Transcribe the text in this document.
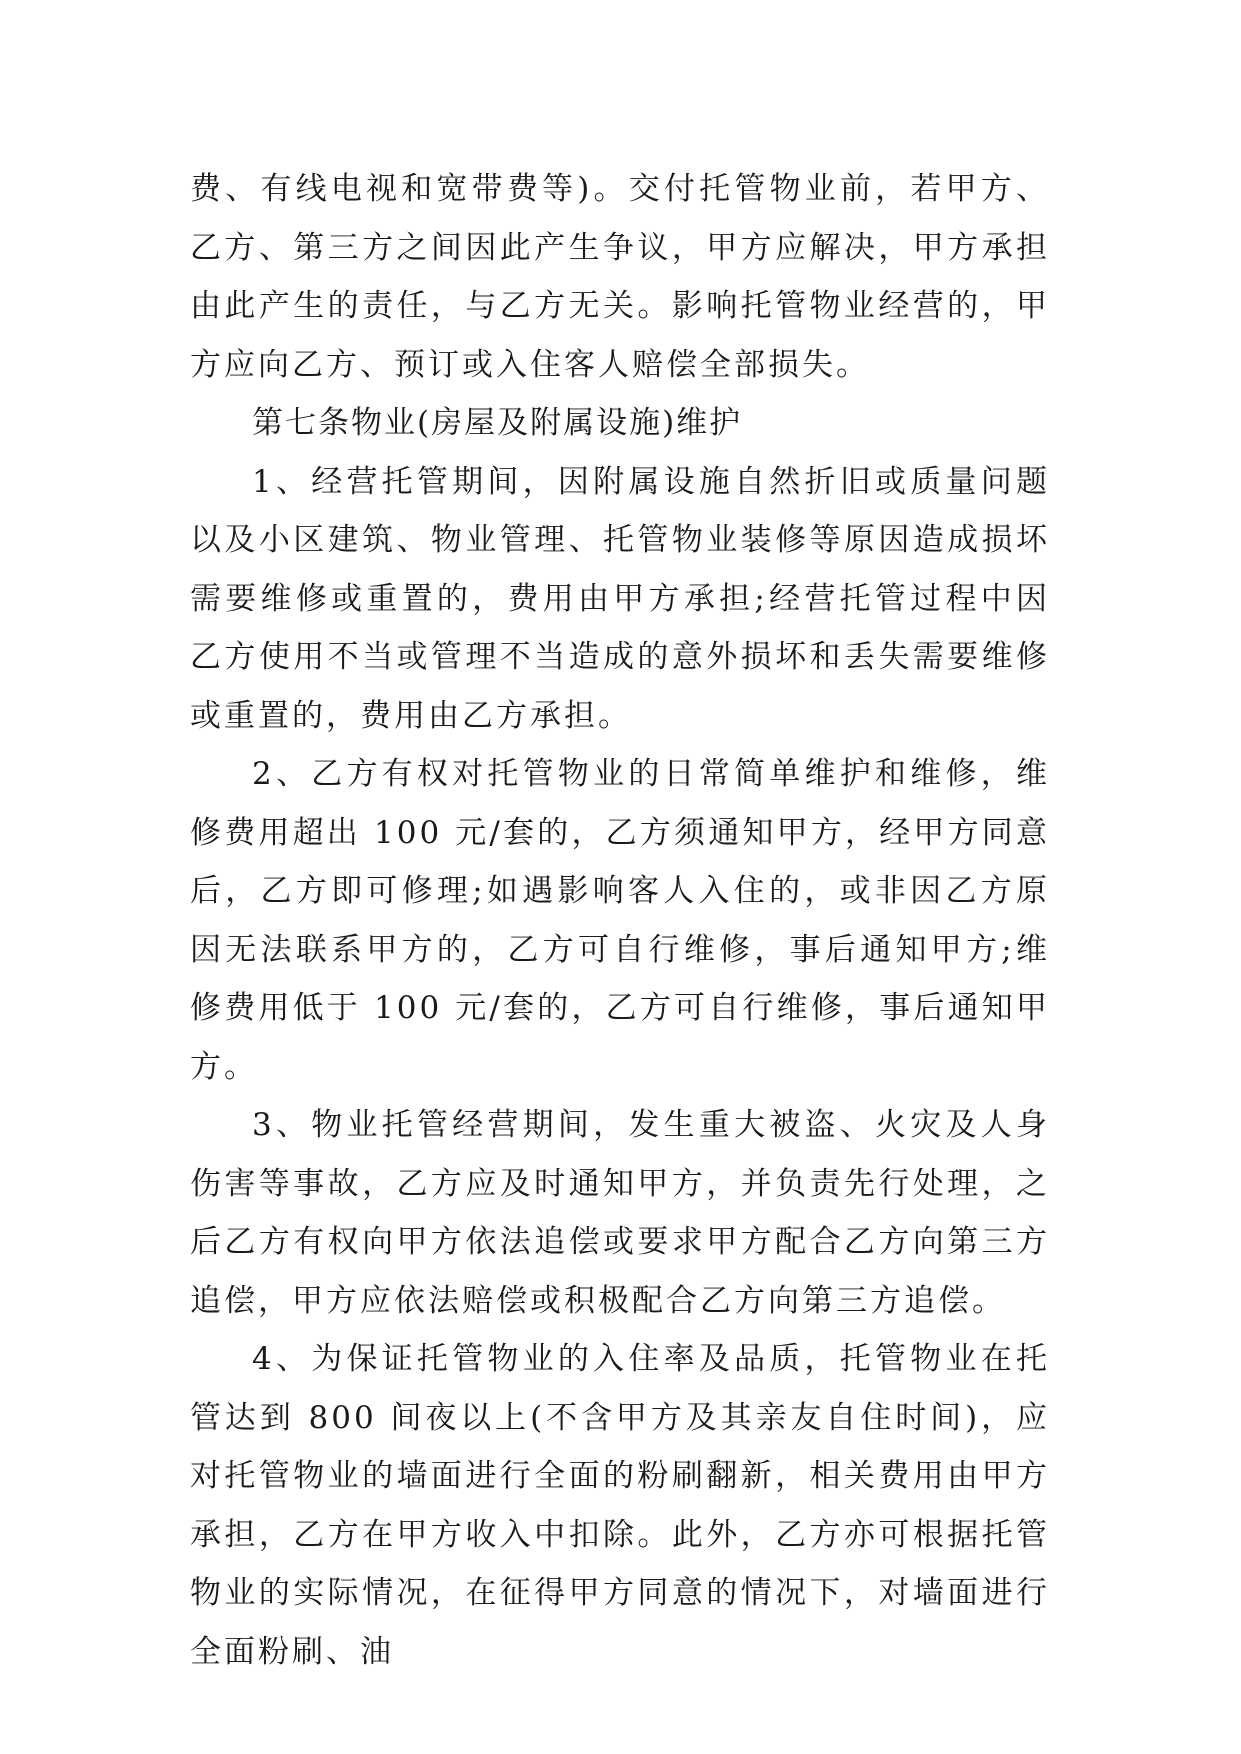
费、有线电视和宽带费等)。交付托管物业前，若甲方、乙方、第三方之间因此产生争议，甲方应解决，甲方承担由此产生的责任，与乙方无关。影响托管物业经营的，甲方应向乙方、预订或入住客人赔偿全部损失。

第七条物业(房屋及附属设施)维护

1、经营托管期间，因附属设施自然折旧或质量问题以及小区建筑、物业管理、托管物业装修等原因造成损坏需要维修或重置的，费用由甲方承担;经营托管过程中因乙方使用不当或管理不当造成的意外损坏和丢失需要维修或重置的，费用由乙方承担。

2、乙方有权对托管物业的日常简单维护和维修，维修费用超出 100 元/套的，乙方须通知甲方，经甲方同意后，乙方即可修理;如遇影响客人入住的，或非因乙方原因无法联系甲方的，乙方可自行维修，事后通知甲方;维修费用低于 100 元/套的，乙方可自行维修，事后通知甲方。

3、物业托管经营期间，发生重大被盗、火灾及人身伤害等事故，乙方应及时通知甲方，并负责先行处理，之后乙方有权向甲方依法追偿或要求甲方配合乙方向第三方追偿，甲方应依法赔偿或积极配合乙方向第三方追偿。

4、为保证托管物业的入住率及品质，托管物业在托管达到 800 间夜以上(不含甲方及其亲友自住时间)，应对托管物业的墙面进行全面的粉刷翻新，相关费用由甲方承担，乙方在甲方收入中扣除。此外，乙方亦可根据托管物业的实际情况，在征得甲方同意的情况下，对墙面进行全面粉刷、油
